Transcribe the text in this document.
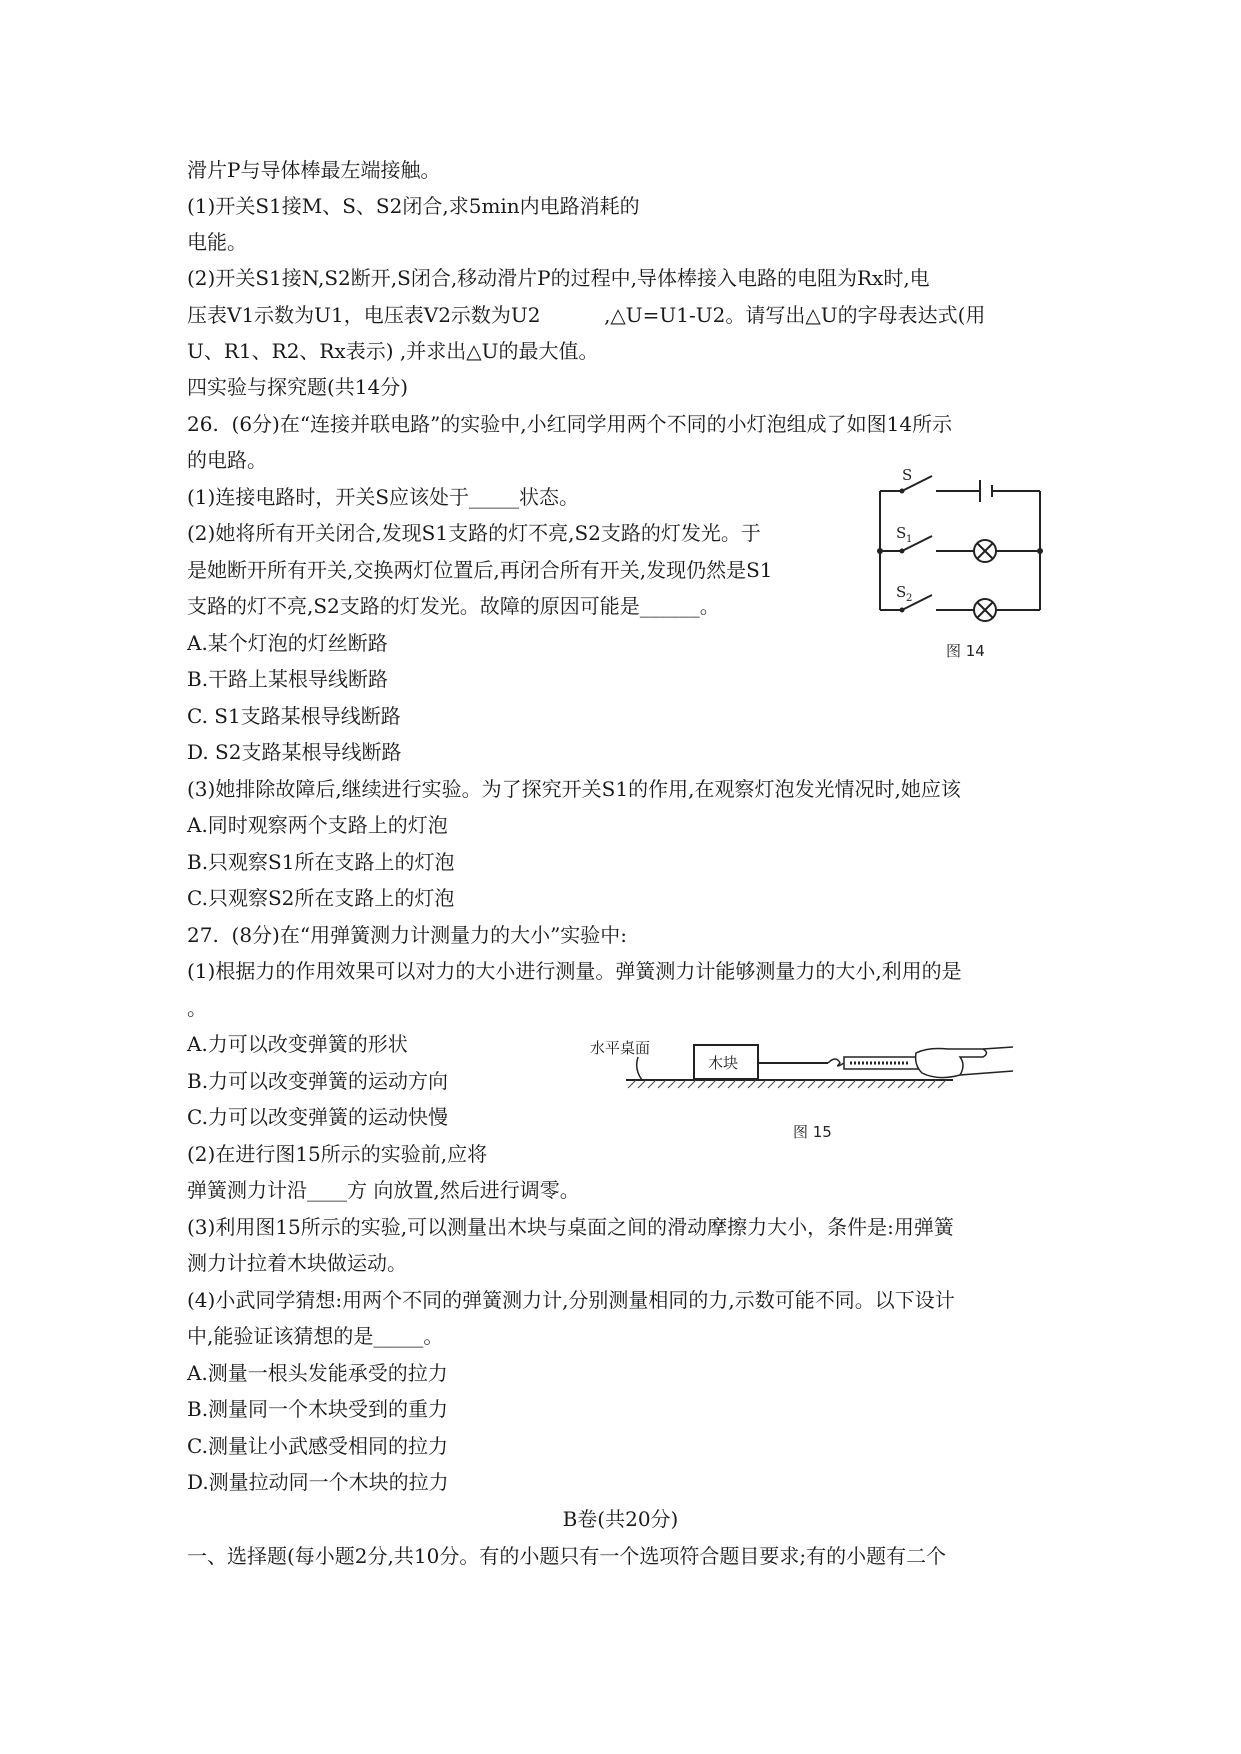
滑片P与导体棒最左端接触。
(1)开关S1接M、S、S2闭合,求5min内电路消耗的
电能。
(2)开关S1接N,S2断开,S闭合,移动滑片P的过程中,导体棒接入电路的电阻为Rx时,电
压表V1示数为U1，电压表V2示数为U2          ,△U=U1-U2。请写出△U的字母表达式(用
U、R1、R2、Rx表示) ,并求出△U的最大值。
四实验与探究题(共14分)
26.  (6分)在“连接并联电路”的实验中,小红同学用两个不同的小灯泡组成了如图14所示
的电路。
(1)连接电路时，开关S应该处于_____状态。
(2)她将所有开关闭合,发现S1支路的灯不亮,S2支路的灯发光。于
是她断开所有开关,交换两灯位置后,再闭合所有开关,发现仍然是S1
支路的灯不亮,S2支路的灯发光。故障的原因可能是______。
A.某个灯泡的灯丝断路
B.干路上某根导线断路
C. S1支路某根导线断路
D. S2支路某根导线断路
(3)她排除故障后,继续进行实验。为了探究开关S1的作用,在观察灯泡发光情况时,她应该
A.同时观察两个支路上的灯泡
B.只观察S1所在支路上的灯泡
C.只观察S2所在支路上的灯泡
27.  (8分)在“用弹簧测力计测量力的大小”实验中:
(1)根据力的作用效果可以对力的大小进行测量。弹簧测力计能够测量力的大小,利用的是
。
A.力可以改变弹簧的形状
B.力可以改变弹簧的运动方向
C.力可以改变弹簧的运动快慢
(2)在进行图15所示的实验前,应将
弹簧测力计沿____方 向放置,然后进行调零。
(3)利用图15所示的实验,可以测量出木块与桌面之间的滑动摩擦力大小，条件是:用弹簧
测力计拉着木块做运动。
(4)小武同学猜想:用两个不同的弹簧测力计,分别测量相同的力,示数可能不同。以下设计
中,能验证该猜想的是_____。
A.测量一根头发能承受的拉力
B.测量同一个木块受到的重力
C.测量让小武感受相同的拉力
D.测量拉动同一个木块的拉力
B卷(共20分)
一、选择题(每小题2分,共10分。有的小题只有一个选项符合题目要求;有的小题有二个
S
S 1
S 2
图 14
水平桌面
木块
图 15
